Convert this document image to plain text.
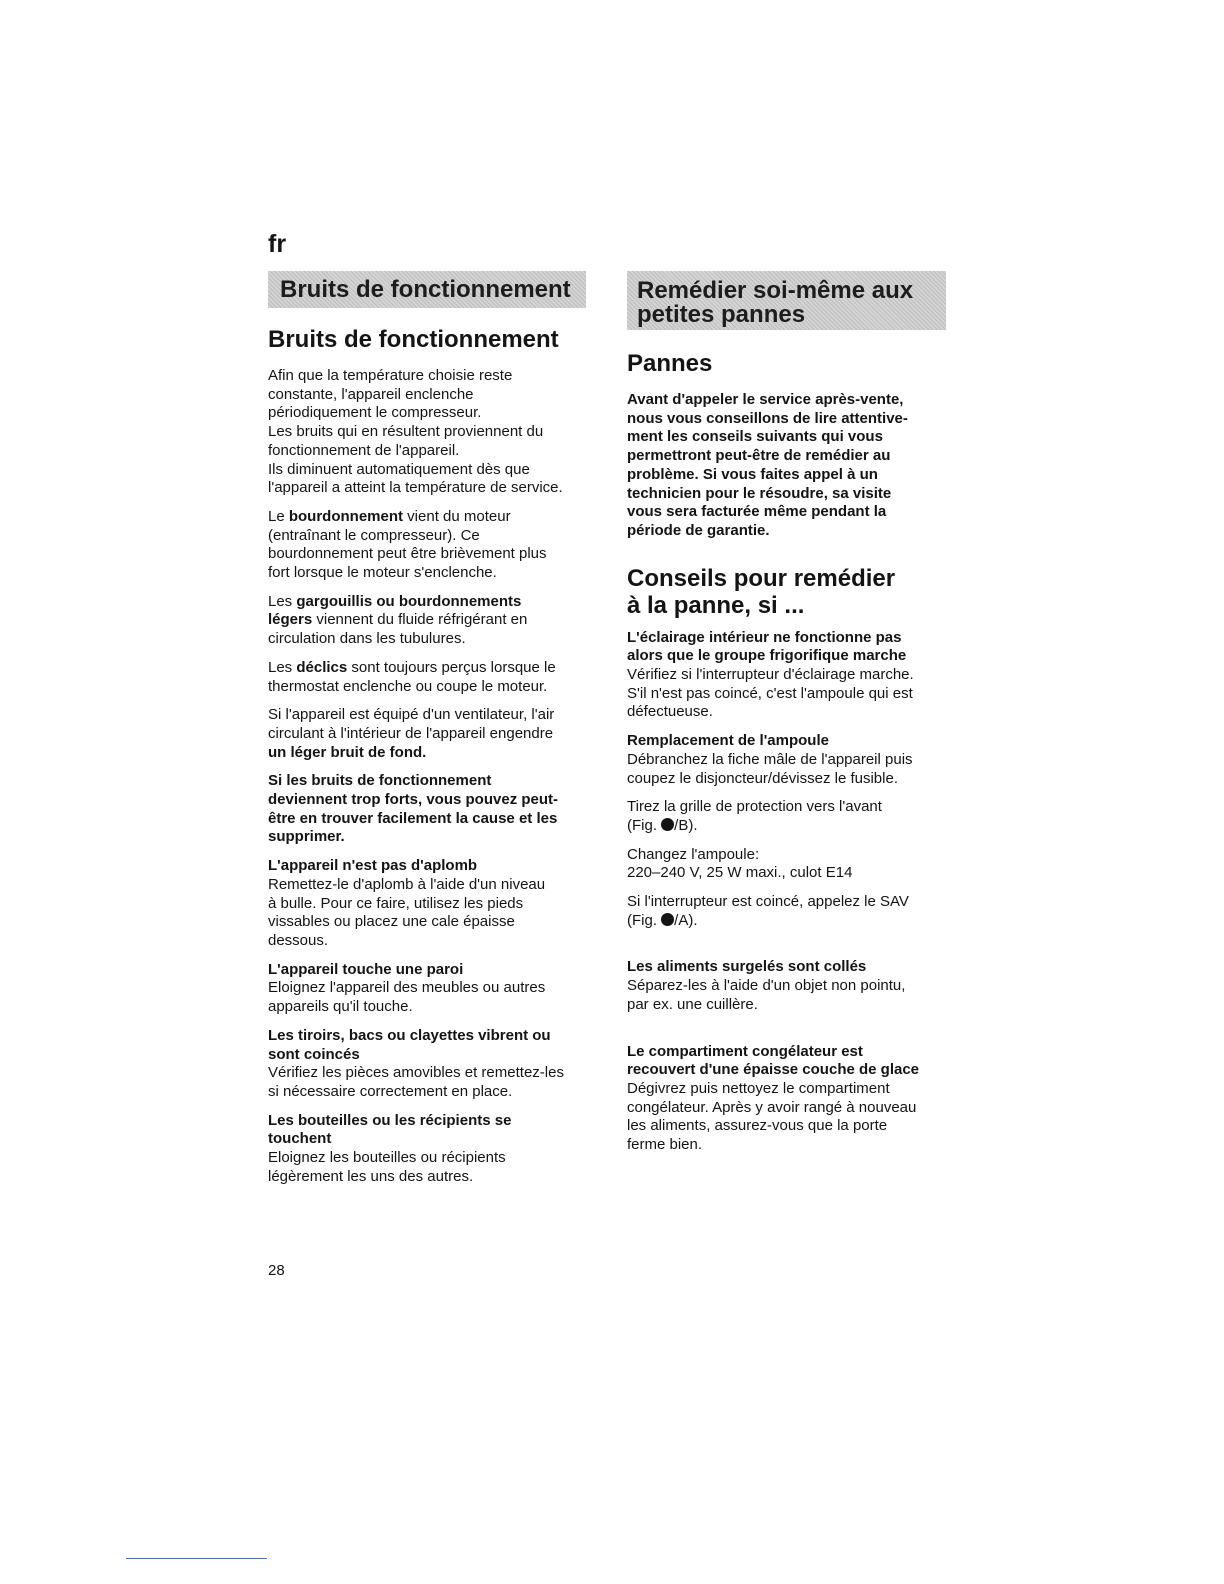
fr
Bruits de fonctionnement	Remédier soi-même aux petites pannes
Bruits de fonctionnement

Afin que la température choisie reste
constante, l'appareil enclenche
périodiquement le compresseur.
Les bruits qui en résultent proviennent du
fonctionnement de l'appareil.
Ils diminuent automatiquement dès que
l'appareil a atteint la température de service.

Le bourdonnement vient du moteur
(entraînant le compresseur). Ce
bourdonnement peut être brièvement plus
fort lorsque le moteur s'enclenche.

Les gargouillis ou bourdonnements
légers viennent du fluide réfrigérant en
circulation dans les tubulures.

Les déclics sont toujours perçus lorsque le
thermostat enclenche ou coupe le moteur.

Si l'appareil est équipé d'un ventilateur, l'air
circulant à l'intérieur de l'appareil engendre
un léger bruit de fond.

Si les bruits de fonctionnement
deviennent trop forts, vous pouvez peut-
être en trouver facilement la cause et les
supprimer.

L'appareil n'est pas d'aplomb
Remettez-le d'aplomb à l'aide d'un niveau
à bulle. Pour ce faire, utilisez les pieds
vissables ou placez une cale épaisse
dessous.

L'appareil touche une paroi
Eloignez l'appareil des meubles ou autres
appareils qu'il touche.

Les tiroirs, bacs ou clayettes vibrent ou
sont coincés
Vérifiez les pièces amovibles et remettez-les
si nécessaire correctement en place.

Les bouteilles ou les récipients se
touchent
Eloignez les bouteilles ou récipients
légèrement les uns des autres.

Pannes

Avant d'appeler le service après-vente,
nous vous conseillons de lire attentive-
ment les conseils suivants qui vous
permettront peut-être de remédier au
problème. Si vous faites appel à un
technicien pour le résoudre, sa visite
vous sera facturée même pendant la
période de garantie.

Conseils pour remédier
à la panne, si ...

L'éclairage intérieur ne fonctionne pas
alors que le groupe frigorifique marche
Vérifiez si l'interrupteur d'éclairage marche.
S'il n'est pas coincé, c'est l'ampoule qui est
défectueuse.

Remplacement de l'ampoule
Débranchez la fiche mâle de l'appareil puis
coupez le disjoncteur/dévissez le fusible.

Tirez la grille de protection vers l'avant
(Fig. /B).

Changez l'ampoule:
220–240 V, 25 W maxi., culot E14

Si l'interrupteur est coincé, appelez le SAV
(Fig. /A).

Les aliments surgelés sont collés
Séparez-les à l'aide d'un objet non pointu,
par ex. une cuillère.

Le compartiment congélateur est
recouvert d'une épaisse couche de glace
Dégivrez puis nettoyez le compartiment
congélateur. Après y avoir rangé à nouveau
les aliments, assurez-vous que la porte
ferme bien.

28
